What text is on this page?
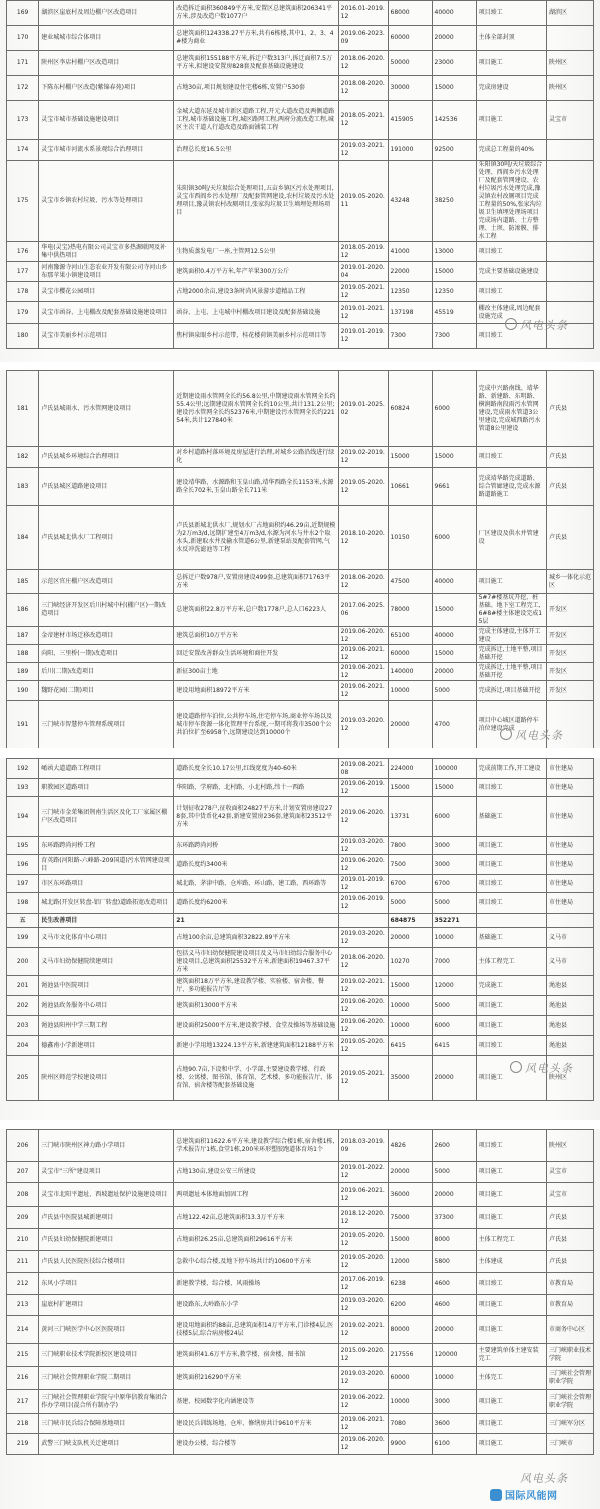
169	湖滨区崖底村及周边棚户区改造项目	改造拆迁面积360849平方米,安置区总建筑面积206341平方米,涉及改造户数1077户	2016.01-2019.12	68000	40000	项目竣工	湖滨区
170	建业城城市综合体项目	总建筑面积124338.27平方米,共有6栋楼,其中1、2、3、4#楼为商业	2019.06-2023.09	60000	20000	主体全部封顶	
171	陕州区李店村棚户区改造项目	总建筑面积155188平方米,拆迁户数313户,拆迁面积7.5万平方米,拟建设安置房828套及配套基础设施建设	2018.06-2020.12	50000	23000	项目施工	陕州区
172	下陈东村棚户区改造(紫锦春苑)项目	占地30亩,项目规划建设住宅楼6栋,安置户530套	2018.08-2020.12	30000	15000	完成房建设	陕州区
173	灵宝市城市基础设施建设项目	金城大道东延及城市新区道路工程,开元大道改造及两侧道路工程,城市基础设施工程,城区路网工程,两府分流改造工程,城区主次干道人行道改造及路面铺装工程	2018.05-2021.12	415905	142536	项目施工	灵宝市
174	灵宝市城市河流水系景观综合治理项目	治理总长度16.5公里	2019.03-2021.12	191000	92500	完成总工程量的40%	
175	灵宝市乡镇农村垃圾、污水等处理项目	朱阳镇30吨/天垃圾综合处理项目,五亩乡镇区污水处理项目,灵宝市西阎乡污水处理厂及配套管网建设,农村垃圾及污水处理项目,豫灵镇农村改厕项目,张家沟垃圾卫生填埋处理场项目	2019.05-2020.11	43248	38250	朱阳镇30吨/天垃圾综合处理、西阎乡污水处理厂及配套管网建设、农村垃圾污水处理完成,豫灵镇农村改厕项目完成工程量的50%,张家沟垃圾卫生填埋处理场项目完成场内道路、土方整理、土坝、防渗膜、排水工程	
176	华电(灵宝)热电有限公司灵宝市多热源联网及补集中供热项目	生物质蒸发电厂一座,主管网12.5公里	2018.05-2019.12	41000	13000	项目竣工	
177	河南豫源寺河山生态农业开发有限公司寺河山乡布那苹果小镇建设项目	建筑面积0.4万平方米,年产苹果300万公斤	2019.01-2020.04	22000	15000	完成主要基础设施建设	
178	灵宝市樱花公园项目	占地2000余亩,建设3条时尚风景游步道精品工程	2019.05-2021.12	12350	12350	项目竣工	
179	灵宝市函谷、上屯棚改及配套基础设施建设项目	函谷、上屯、上屯城中村棚改项目建设及配套基础设施	2019.01-2021.12	137198	45519	棚改主体建成,周边配套设施完成	
180	灵宝市美丽乡村示范项目	焦村镇泉眼乡村示范带、桂花楼荷镇美丽乡村示范项目等	2019.01-2019.12	7300	7300	项目竣工	
181	卢氏县城雨水、污水管网建设项目	近期建设雨水管网全长约56.8公里,中期建设雨水管网全长约55.4公里;远期建设雨水管网全长约10公里,共计131.2公里;建设污水管网全长约52376米,中期建设污水管网全长约22154米,共计127840米	2019.01-2025.02	60824	6000	完成中兴路南线、靖华路、新建路、东明路、横涧路南段雨污水管网建设,完成雨水管道3公里建设,完成城西路污水管道8公里建设	卢氏县
182	卢氏县城乡环境综合治理项目	对乡村道路村落环境及房屋进行治理,对城乡公路沿线进行绿化	2019.02-2019.12	15000	15000	项目竣工	卢氏县
183	卢氏县城区道路建设项目	建设靖华路、水源路和玉皇山路,靖华西路全长1153米,水源路全长702米,玉皇山路全长711米	2019.05-2020.12	10661	9661	完成靖华路完成道路、综合管廊建设,完成水源路道路施工	卢氏县
184	卢氏县城北供水厂工程项目	卢氏县新城北供水厂,规划水厂占地面积约46.29亩,近期规模为2万m3/d,远期扩建至4万m3/d,水源为河水与井水2个取水头,新建取水井及输水管道6公里,新建泵站及配套管网,气水反冲洗滤池等工程	2018.10-2020.12	10150	6000	厂区建设及供水并管建设	卢氏县
185	示范区官庄棚户区改造项目	总拆迁户数978户,安置房建设499套,总建筑面积71763平方米	2018.06-2020.12	47500	40000	项目施工	城乡一体化示范区
186	三门峡经济开发区后川村城中村(棚户区)一期改造项目	总建筑面积22.8万平方米,总户数1778户,总人口6223人	2017.06-2025.06	78000	15000	5#7#楼基坑开挖、桩基础、地下室工程完工,6#8#楼主体建设完成15层	开发区
187	金帝建材市场迁移改造项目	建筑总面积10万平方米	2019.06-2020.12	65100	40000	完成主体建设,主体开工建设	开发区
188	向阳、三里桥(一期)改造项目	回迁安置改善群众生活环境和商住开发	2019.06-2021.12	60000	15000	完成拆迁,土地平整,项目基础开挖	开发区
189	后川(二期)改造项目	新征300亩土地	2019.06-2021.12	140000	20000	完成拆迁,土地平整,项目基础开挖	开发区
190	魏野花园(二期)项目	建设用地面积18972平方米	2019.06-2021.12	10000	5000	完成拆迁,项目基础开挖	开发区
191	三门峡市智慧停车管理系统项目	建设道路停车泊位,公共停车场,住宅停车场,商业停车场以及城市停车资源一体化管理平台系统,一期可将我市3500个公共泊位扩至6958个,远期建设达到10000个	2019.03-2020.12	20000	4700	项目中心城区道路停车泊位建设完成	
192	崤函大道道路工程项目	道路长度全长10.17公里,红线宽度为40-60米	2019.08-2021.08	224000	100000	完成前期工作,开工建设	市住建局
193	职教园区道路项目	华阳路、学府路、北村路、小北村路,纬十一西路	2019.06-2019.12	15000	15000	项目竣工	市住建局
194	三门峡市金茱集团荆南生活区及化工厂家属区棚户区改造项目	计划征收278户,征收面积24827平方米,计划安置房建设278套,其中货币化42套,新建安置房236套,建筑面积23512平方米	2019.06-2020.12	13731	6000	基础施工	市住建局
195	东环路跨尚河桥工程	东环路跨尚河桥	2019.03-2020.12	7800	3000	项目施工	市住建局
196	育英路(河阳路-六峰路-209国道)污水管网建设项目	道路长度约3400米	2019.06-2020.12	7500	3000	项目施工	市住建局
197	市区东环路项目	城北路、茅津中路、仓库路、环山路、建工路、西环路等	2019.01-2019.12	6700	6700	项目竣工	市住建局
198	城北路(开发区转盘-铝厂转盘)道路拓宽改造项目	道路长度约6200米	2019.06-2019.12	5000	5000	项目竣工	市住建局
五	民生改善项目	21		684875	352271		
199	义马市文化体育中心项目	占地100余亩,总建筑面积32822.89平方米	2019.03-2020.12	20000	10000	基础施工	义马市
200	义马市妇幼保健院续建项目	包括义马市妇幼保健院建设项目及义马市妇幼综合服务中心建设项目,总建筑面积25532平方米,新建面积19467.37平方米	2018.06-2020.12	10270	7000	主体工程完工	义马市
201	渑池县中医院项目	建筑面积18万平方米,建设教学楼、实验楼、宿舍楼、餐厅、多功能报告厅等	2019.02-2021.12	15000	12000	完成施工	渑池县
202	渑池县政务服务中心项目	建筑面积13000平方米	2019.06-2020.12	10000	5000	项目施工	渑池县
203	渑池县阳州中学三期工程	建设面积25000平方米,建设教学楼、食堂及操场等基础设施	2019.06-2020.12	10000	6000	项目施工	渑池县
204	德鑫南小学新建项目	新建小学用地13224.13平方米,新建建筑面积12188平方米	2019.05-2020.12	6415	6415	项目竣工	渑池县
205	陕州区师范学校建设项目	占地90.7亩,下设和中学、小学部,主要建设教学楼、行政楼、公寓楼、图书馆、体育馆、艺术楼、多功能报告厅、体育馆、宿舍楼等配套基础设施	2019.05-2021.12	35000	20000	项目施工	陕州区
206	三门峡市陕州区神力路小学项目	总建筑面积11622.6平方米,建设教学综合楼1栋,宿舍楼1栋,学术报告厅1栋,食堂1栋,200米环形塑胶跑道体育场1个	2018.03-2019.09	4826	2600	项目竣工	陕州区
207	灵宝市"三所"建设项目	占地130亩,建设公安三所建设	2019.01-2022.12	20000	5000	项目施工	灵宝市
208	灵宝市北阳平遗址、西坡遗址保护设施建设项目	两项遗址本体地面加固工程	2019.06-2021.12	36000	20000	项目施工	灵宝市
209	卢氏县中医院县城新建项目	占地122.42亩,总建筑面积13.3万平方米	2018.12-2020.12	75000	37300	项目施工	卢氏县
210	卢氏县妇幼保健院新建项目	占地面积26.25亩,总建筑面积29616平方米	2019.05-2020.12	15000	8000	主体工程完工	卢氏县
211	卢氏县人民医院医技综合楼项目	急救中心综合楼,及地下停车场共计约10600平方米	2019.05-2020.12	12000	5800	主体建成	卢氏县
212	东风小学项目	新建教学楼、综合楼、风雨操场	2017.06-2019.12	6238	4600	项目竣工	市教育局
213	崖底村扩建项目	建设路东,大岭路东小学	2019.03-2020.12	6200	4600	项目施工	市教育局
214	黄河三门峡医学中心区医院项目	建设用地面积约88亩,总建筑面积14万平方米,门诊楼4层,医技楼5层,综合病房楼24层	2019.02-2021.12	80000	20000	项目施工	市商务中心区
215	三门峡职业技术学院新校区建设项目	建筑面积41.6万平方米,教学楼、宿舍楼、图书馆	2015.09-2020.12	217556	120000	主要建筑单体主建安装完工	三门峡职业技术学院
216	三门峡社会管理职业学院二期项目	建筑面积216290平方米	2019.03-2020.12	60000	10000	主体完工	三门峡社会管理职业学院
217	三门峡社会管理职业学院与中原华信教育集团合作办学项目(混合所有制办学)	基建、校园数字化内涵建设等	2019.06-2022.12	10000	3000	项目施工	三门峡社会管理职业学院
218	三门峡市民兵综合保障基地项目	建设民兵训练场地、仓库、修缮房共计9610平方米	2019.06-2021.12	7080	3600	项目施工	三门峡军分区
219	武警三门峡支队机关迁建项目	建设办公楼、综合楼等	2019.06-2020.12	9900	6100	项目施工	三门峡市
风电头条
风电头条
风电头条
风电头条
国际风能网
